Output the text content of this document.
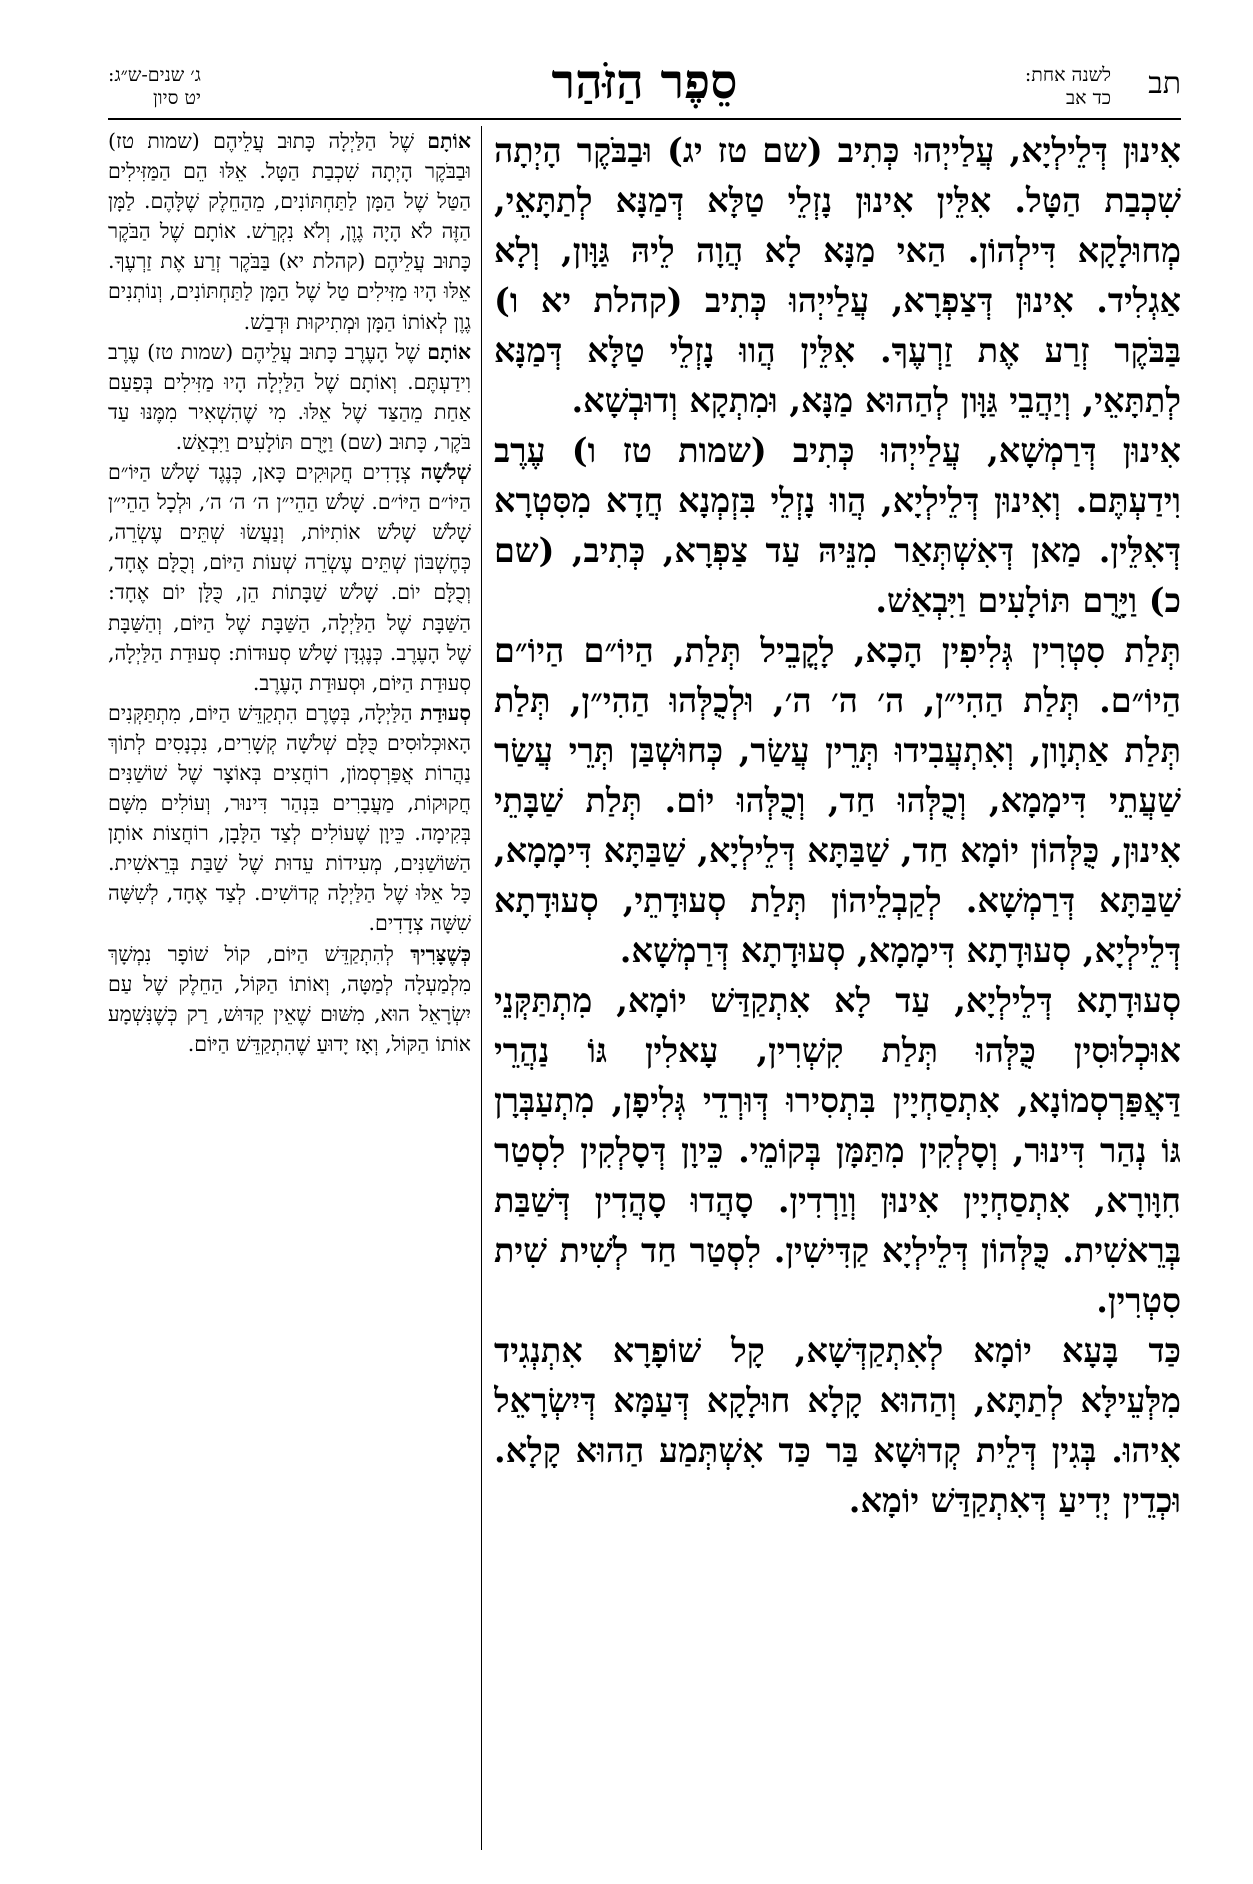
תב
לשנה אחת:
כד אב
סֵפֶר הַזֹּהַר
ג׳ שנים-ש״ג:
יט סיון

אִינוּן דְּלֵילְיָא, עֲלַייְהוּ כְּתִיב (שם טז יג) וּבַבֹּקֶר הָיְתָה שִׁכְבַת הַטָּל. אִלֵּין אִינוּן נָזְלֵי טַלָּא דְּמַנָּא לְתַתָּאֵי, מְחוּלָקָא דִּילְהוֹן. הַאי מַנָּא לָא הֲוָה לֵיהּ גַּוָּון, וְלָא אַגְלִיד. אִינוּן דְּצַפְרָא, עֲלַייְהוּ כְּתִיב (קהלת יא ו) בַּבֹּקֶר זְרַע אֶת זַרְעֶךָ. אִלֵּין הֲווּ נָזְלֵי טַלָּא דְּמַנָּא לְתַתָּאֵי, וְיַהֲבֵי גַּוָּון לְהַהוּא מַנָּא, וּמִתְקָא וְדוּבְשָׁא.

אִינוּן דְּרַמְשָׁא, עֲלַייְהוּ כְּתִיב (שמות טז ו) עֶרֶב וִידַעְתֶּם. וְאִינוּן דְּלֵילְיָא, הֲווּ נָזְלֵי בִּזְמְנָא חֲדָא מִסִּטְרָא דְּאִלֵּין. מַאן דְּאִשְׁתְּאַר מִנֵּיהּ עַד צַפְרָא, כְּתִיב, (שם כ) וַיָּרֻם תּוֹלָעִים וַיִּבְאַשׁ.

תְּלַת סִטְרִין גְּלִיפִין הָכָא, לָקֳבֵיל תְּלַת, הַיוֹ״ם הַיוֹ״ם הַיוֹ״ם. תְּלַת הַהִי״ן, ה׳ ה׳ ה׳, וּלְכֻלְּהוּ הַהִי״ן, תְּלַת תְּלַת אַתְוָון, וְאִתְעֲבִידוּ תְּרֵין עֲשַׂר, כְּחוּשְׁבַּן תְּרֵי עֲשַׂר שַׁעֲתֵי דִּימָמָא, וְכֻלְּהוּ חַד, וְכֻלְּהוּ יוֹם. תְּלַת שַׁבָּתֵי אִינוּן, כֻּלְּהוֹן יוֹמָא חַד, שַׁבַּתָּא דְּלֵילְיָא, שַׁבַּתָּא דִּימָמָא, שַׁבַּתָּא דְּרַמְשָׁא. לְקַבְלֵיהוֹן תְּלַת סְעוּדָתֵי, סְעוּדָתָא דְּלֵילְיָא, סְעוּדָתָא דִּימָמָא, סְעוּדָתָא דְּרַמְשָׁא.

סְעוּדָתָא דְּלֵילְיָא, עַד לָא אִתְקַדַּשׁ יוֹמָא, מִתְתַּקְּנֵי אוּכְלוּסִין כֻּלְּהוּ תְּלַת קִשְׁרִין, עָאלִין גּוֹ נַהֲרֵי דַּאֲפַּרְסְמוֹנָא, אִתְסַחְיָין בִּתְסִירוּ דְּוּרְדֵי גְּלִיפָן, מִתְעַבְּרָן גּוֹ נְהַר דִּינוּר, וְסָלְקִין מִתַּמָּן בְּקוֹמֵי. כֵּיוָן דְּסָלְקִין לִסְטַר חִוָּורָא, אִתְסַחְיָין אִינוּן וְוַרְדִין. סָהֲדוּ סָהֲדִין דְּשַׁבַּת בְּרֵאשִׁית. כֻּלְּהוֹן דְּלֵילְיָא קַדִּישִׁין. לִסְטַר חַד לְשִׁית שִׁית סִטְרִין.

כַּד בָּעָא יוֹמָא לְאִתְקַדְּשָׁא, קָל שׁוֹפָרָא אִתְנְגִיד מִלְּעֵילָּא לְתַתָּא, וְהַהוּא קָלָא חוּלָקָא דְּעַמָּא דְּיִשְׂרָאֵל אִיהוּ. בְּגִין דְּלֵית קְדוּשָׁא בַּר כַּד אִשְׁתְּמַע הַהוּא קָלָא. וּכְדֵין יְדִיעַ דְּאִתְקַדַּשׁ יוֹמָא.

אוֹתָם שֶׁל הַלַּיְלָה כָּתוּב עֲלֵיהֶם (שמות טז) וּבַבֹּקֶר הָיְתָה שִׁכְבַת הַטָּל. אֵלּוּ הֵם הַמַּזִּילִים הַטַּל שֶׁל הַמָּן לַתַּחְתּוֹנִים, מֵהַחֵלֶק שֶׁלָּהֶם. לַמָּן הַזֶּה לֹא הָיָה גֶוֶן, וְלֹא נִקְרַשׁ. אוֹתָם שֶׁל הַבֹּקֶר כָּתוּב עֲלֵיהֶם (קהלת יא) בַּבֹּקֶר זְרַע אֶת זַרְעֶךָ. אֵלּוּ הָיוּ מַזִּילִים טַל שֶׁל הַמָּן לַתַּחְתּוֹנִים, וְנוֹתְנִים גֶוֶן לְאוֹתוֹ הַמָּן וּמְתִיקוּת וּדְבַשׁ.

אוֹתָם שֶׁל הָעֶרֶב כָּתוּב עֲלֵיהֶם (שמות טז) עֶרֶב וִידַעְתֶּם. וְאוֹתָם שֶׁל הַלַּיְלָה הָיוּ מַזִּילִים בְּפַעַם אַחַת מֵהַצַּד שֶׁל אֵלּוּ. מִי שֶׁהִשְׁאִיר מִמֶּנּוּ עַד בֹּקֶר, כָּתוּב (שם) וַיָּרֻם תּוֹלָעִים וַיִּבְאַשׁ.

שְׁלֹשָׁה צְדָדִים חֲקוּקִים כָּאן, כְּנֶגֶד שָׁלֹשׁ הַיּוֹ״ם הַיּוֹ״ם הַיּוֹ״ם. שָׁלֹשׁ הַהֵי״ן ה׳ ה׳ ה׳, וּלְכָל הַהֵי״ן שָׁלֹשׁ שָׁלֹשׁ אוֹתִיּוֹת, וְנַעֲשׂוּ שְׁתֵּים עֶשְׂרֵה, כְּחֶשְׁבּוֹן שְׁתֵּים עֶשְׂרֵה שְׁעוֹת הַיּוֹם, וְכֻלָּם אֶחָד, וְכֻלָּם יוֹם. שָׁלֹשׁ שַׁבָּתוֹת הֵן, כֻּלָּן יוֹם אֶחָד: הַשַּׁבָּת שֶׁל הַלַּיְלָה, הַשַּׁבָּת שֶׁל הַיּוֹם, וְהַשַּׁבָּת שֶׁל הָעֶרֶב. כְּנֶגְדָּן שָׁלֹשׁ סְעוּדוֹת: סְעוּדַת הַלַּיְלָה, סְעוּדַת הַיּוֹם, וּסְעוּדַת הָעֶרֶב.

סְעוּדַת הַלַּיְלָה, בְּטֶרֶם הִתְקַדֵּשׁ הַיּוֹם, מִתְתַּקְּנִים הָאוּכְלוּסִים כֻּלָּם שְׁלֹשָׁה קְשָׁרִים, נִכְנָסִים לְתוֹךְ נַהֲרוֹת אֲפַּרְסְמוֹן, רוֹחֲצִים בְּאוֹצָר שֶׁל שׁוֹשַׁנִּים חֲקוּקוֹת, מַעֲבָרִים בִּנְהַר דִּינוּר, וְעוֹלִים מִשָּׁם בְּקִימָה. כֵּיוָן שֶׁעוֹלִים לְצַד הַלָּבָן, רוֹחֲצוֹת אוֹתָן הַשּׁוֹשַׁנִּים, מְעִידוֹת עֵדוּת שֶׁל שַׁבַּת בְּרֵאשִׁית. כָּל אֵלּוּ שֶׁל הַלַּיְלָה קְדוֹשִׁים. לְצַד אֶחָד, לְשִׁשָּׁה שִׁשָּׁה צְדָדִים.

כְּשֶׁצָּרִיךְ לְהִתְקַדֵּשׁ הַיּוֹם, קוֹל שׁוֹפָר נִמְשָׁךְ מִלְמַעְלָה לְמַטָּה, וְאוֹתוֹ הַקּוֹל, הַחֵלֶק שֶׁל עַם יִשְׂרָאֵל הוּא, מִשּׁוּם שֶׁאֵין קִדּוּשׁ, רַק כְּשֶׁנִּשְׁמָע אוֹתוֹ הַקּוֹל, וְאָז יָדוּעַ שֶׁהִתְקַדֵּשׁ הַיּוֹם.
